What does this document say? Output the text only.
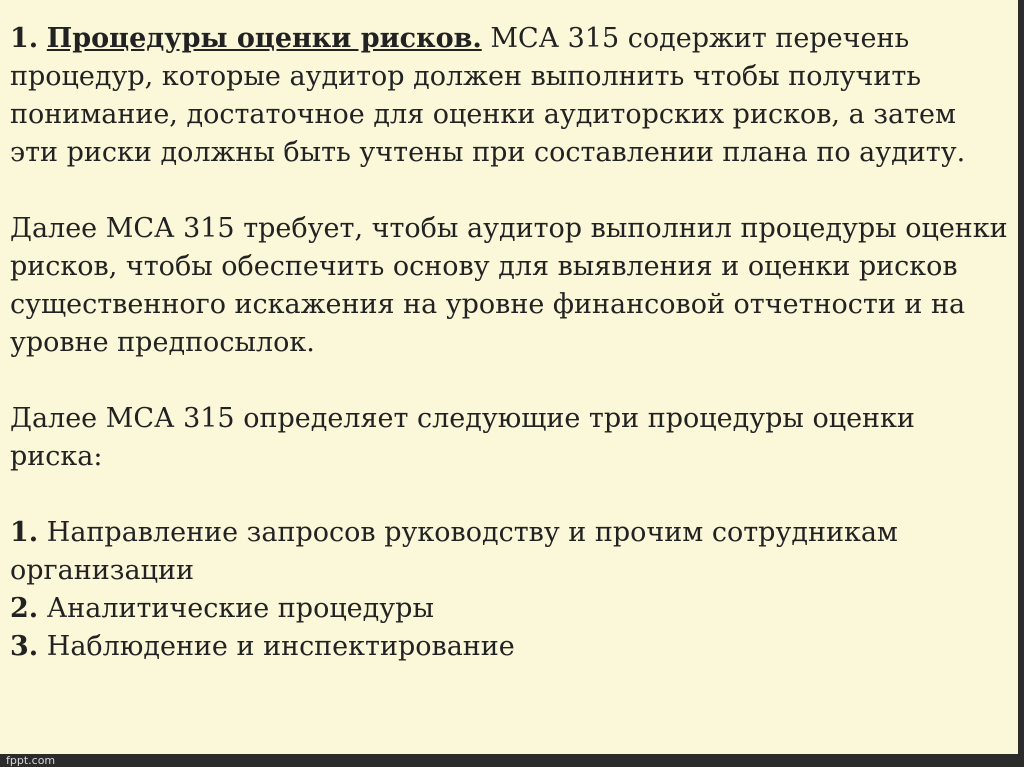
1. Процедуры оценки рисков. МСА 315 содержит перечень процедур, которые аудитор должен выполнить чтобы получить понимание, достаточное для оценки аудиторских рисков, а затем эти риски должны быть учтены при составлении плана по аудиту.

Далее МСА 315 требует, чтобы аудитор выполнил процедуры оценки рисков, чтобы обеспечить основу для выявления и оценки рисков существенного искажения на уровне финансовой отчетности и на уровне предпосылок.

Далее МСА 315 определяет следующие три процедуры оценки риска:

1. Направление запросов руководству и прочим сотрудникам организации

2. Аналитические процедуры

3. Наблюдение и инспектирование

fppt.com
